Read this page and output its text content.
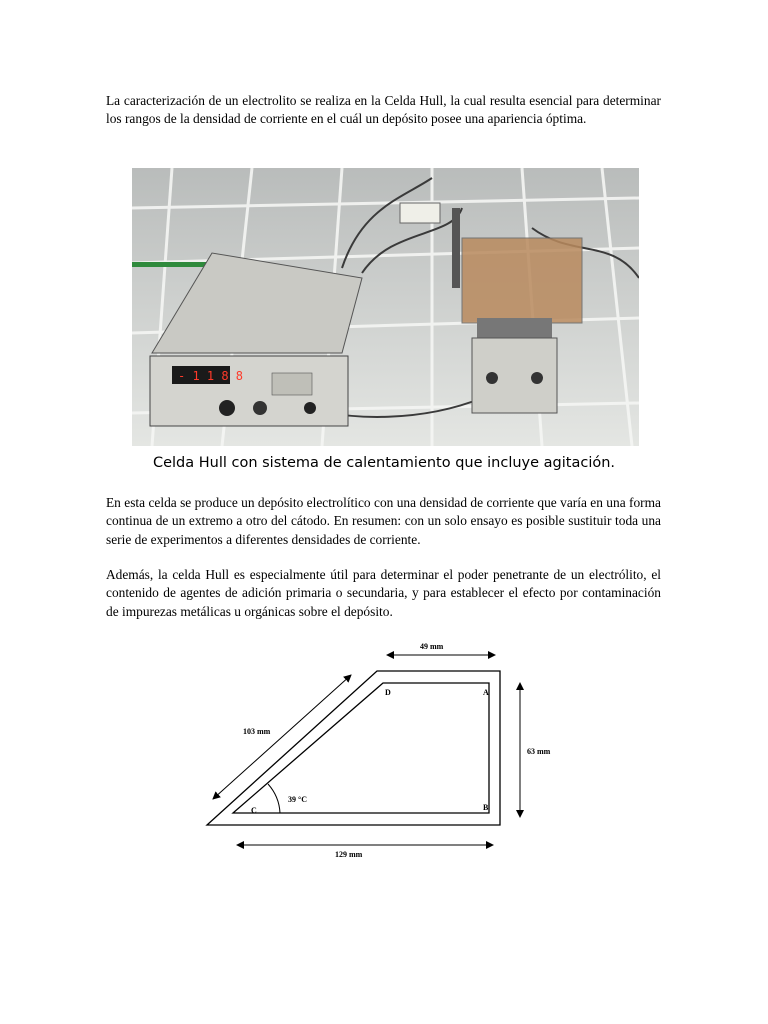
La caracterización de un electrolito se realiza en la Celda Hull, la cual resulta esencial para determinar los rangos de la densidad de corriente en el cuál un depósito posee una apariencia óptima.

- 1 1 8 8
Celda Hull con sistema de calentamiento que incluye agitación.

En esta celda se produce un depósito electrolítico con una densidad de corriente que varía en una forma continua de un extremo a otro del cátodo. En resumen: con un solo ensayo es posible sustituir toda una serie de experimentos a diferentes densidades de corriente.

Además, la celda Hull es especialmente útil para determinar el poder penetrante de un electrólito, el contenido de agentes de adición primaria o secundaria, y para establecer el efecto por contaminación de impurezas metálicas u orgánicas sobre el depósito.

49 mm
103 mm
63 mm
129 mm
39 °C
D	A
B
C
